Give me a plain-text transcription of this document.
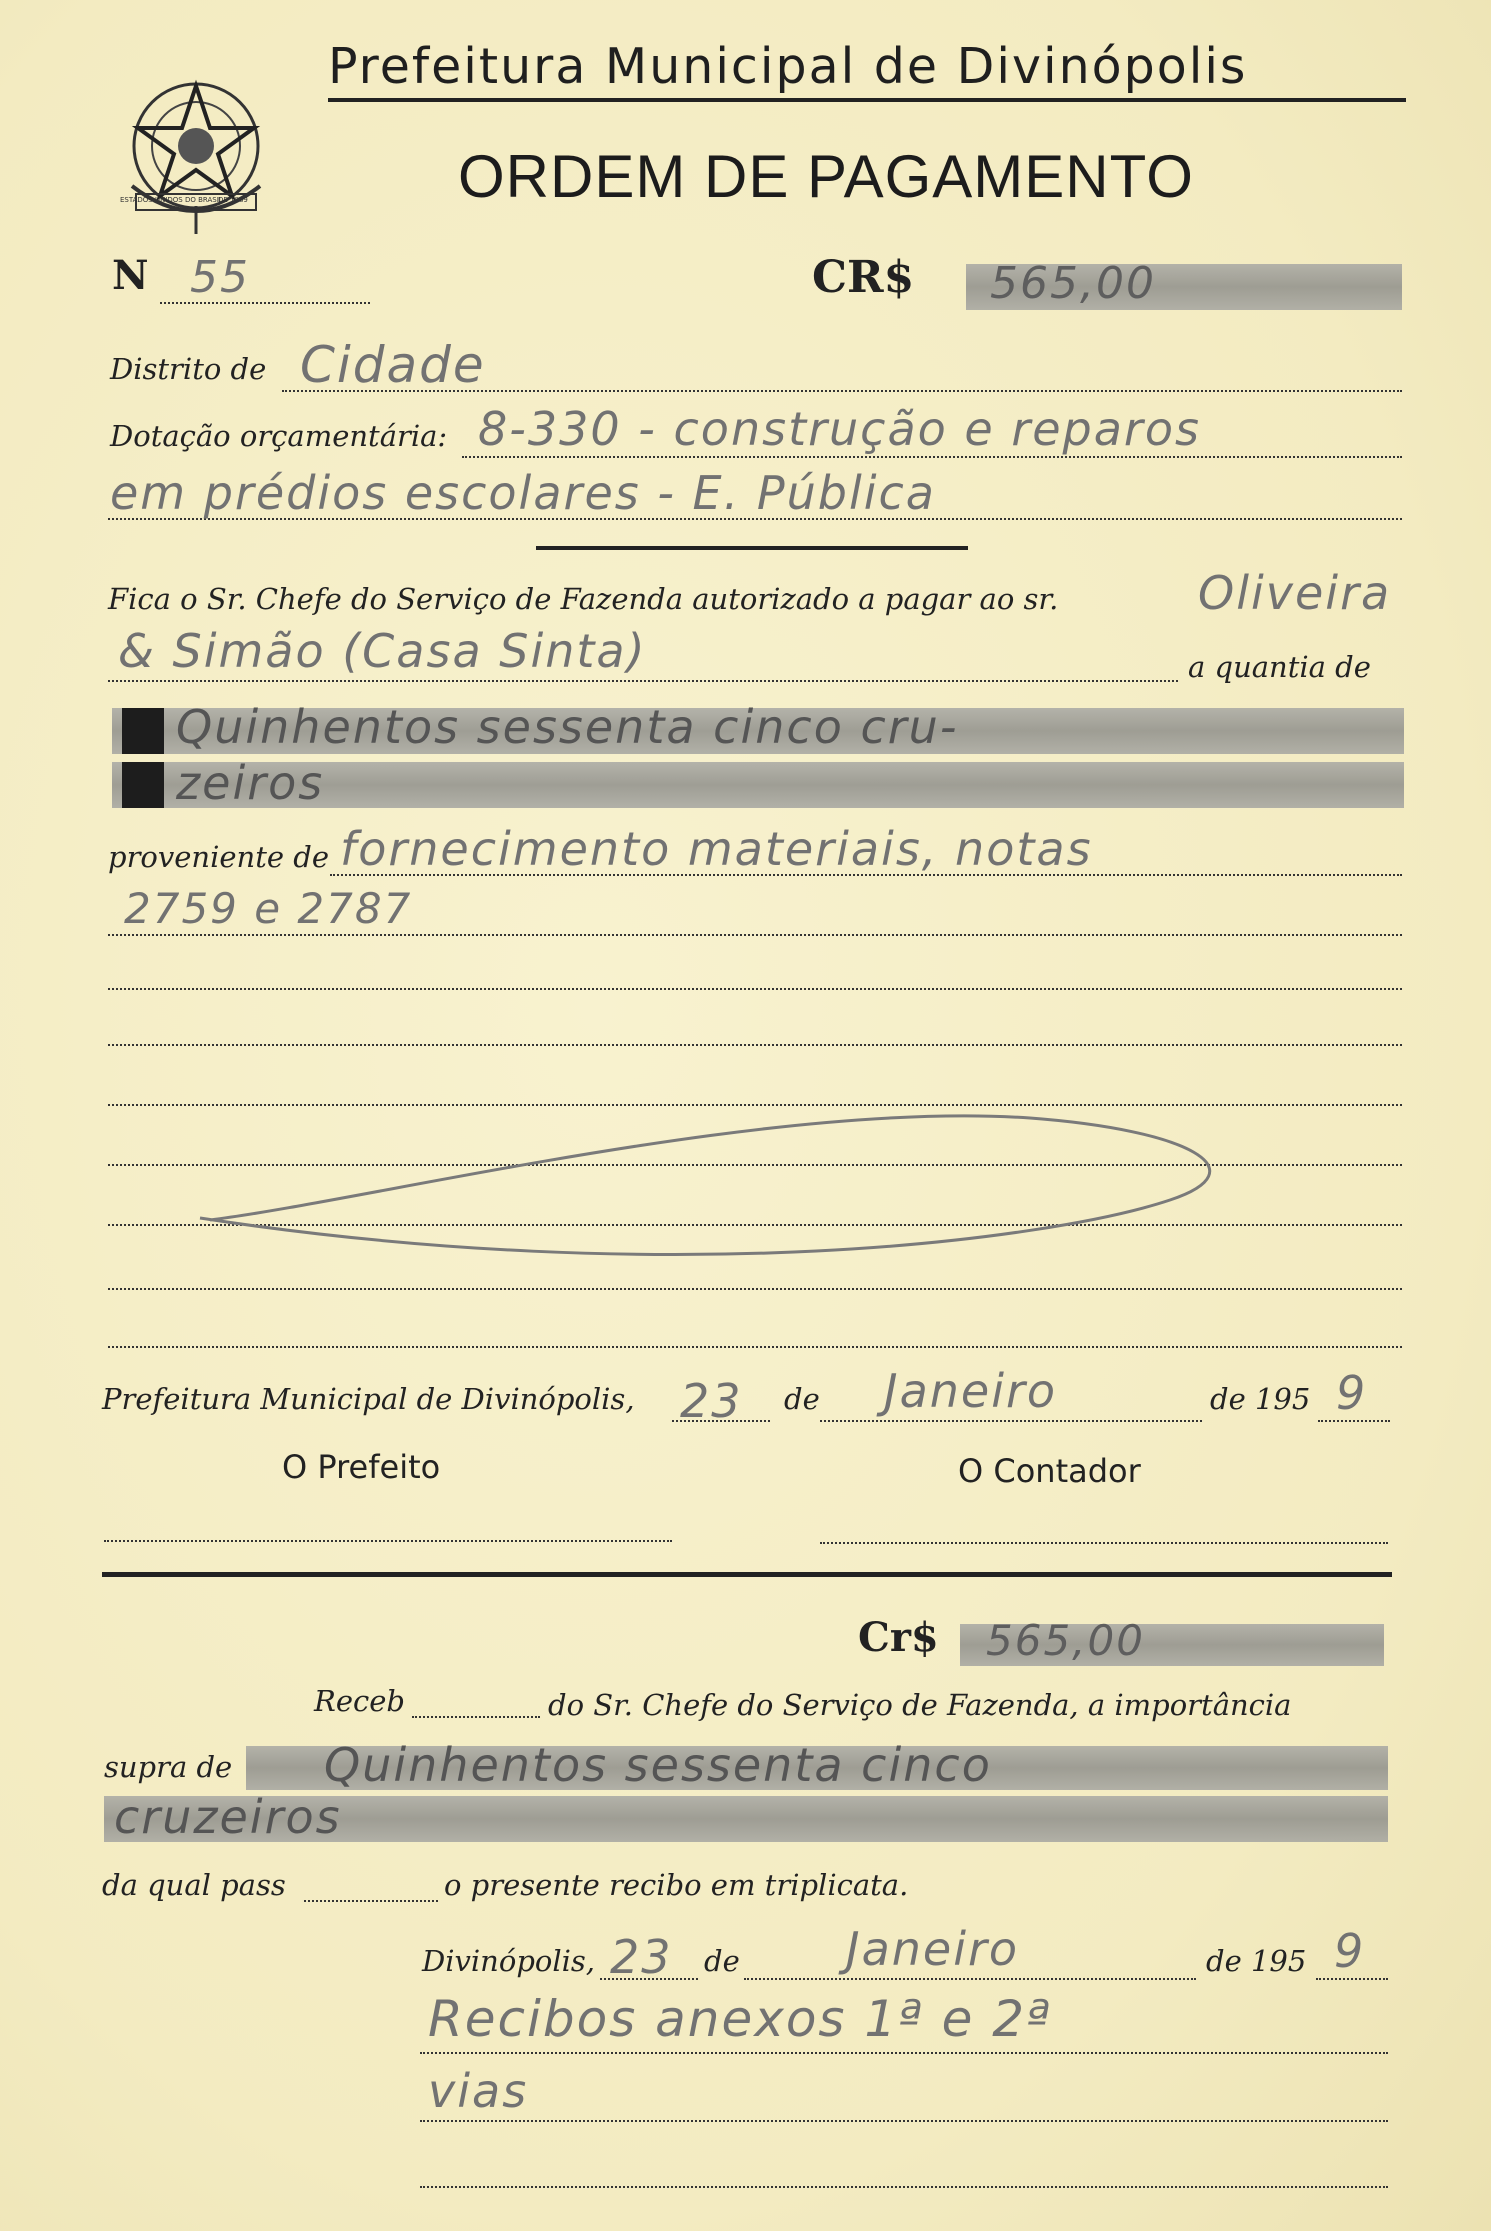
Prefeitura Municipal de Divinópolis
ESTADOS UNIDOS DO BRASIL
DE 1889	ORDEM DE PAGAMENTO
N 55	CR$ 565,00
Distrito de Cidade
Dotação orçamentária: 8-330 - construção e reparos
em prédios escolares - E. Pública
Fica o Sr. Chefe do Serviço de Fazenda autorizado a pagar ao sr.	Oliveira
& Simão (Casa Sinta)	a quantia de
Quinhentos sessenta cinco cru-
zeiros
proveniente de fornecimento materiais, notas
2759 e 2787
Prefeitura Municipal de Divinópolis, 23 de Janeiro	de 195 9
O Prefeito	O Contador
Cr$ 565,00
Receb	do Sr. Chefe do Serviço de Fazenda, a importância
supra de Quinhentos sessenta cinco
cruzeiros
da qual pass	o presente recibo em triplicata.
Divinópolis, 23 de Janeiro	de 195 9
Recibos anexos 1ª e 2ª
vias
